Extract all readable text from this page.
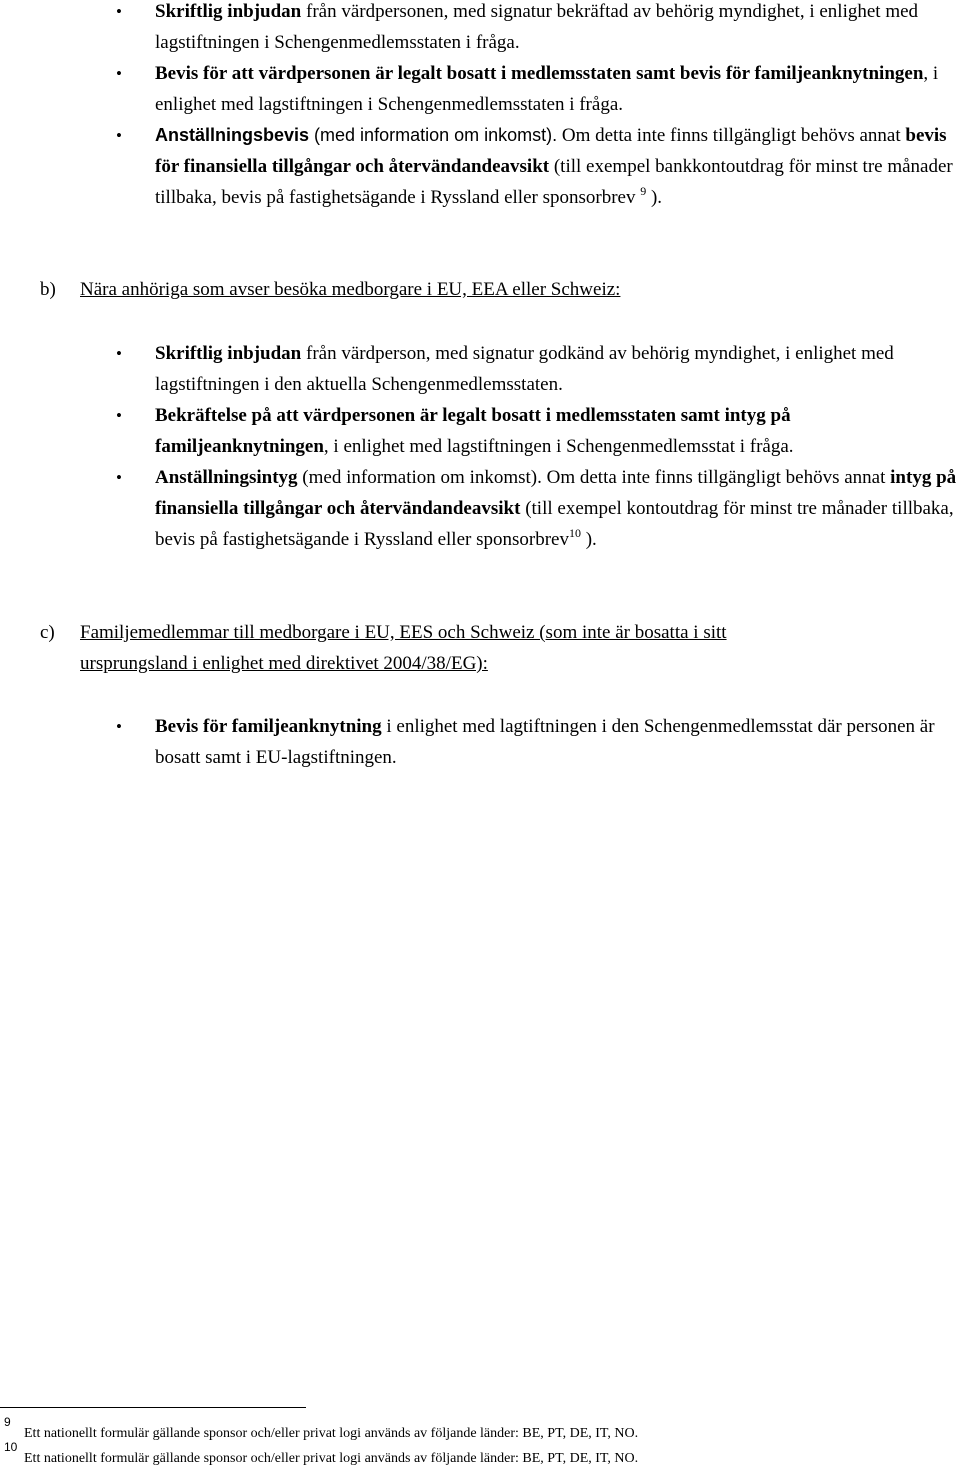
• Skriftlig inbjudan från värdpersonen, med signatur bekräftad av behörig myndighet, i enlighet med lagstiftningen i Schengenmedlemsstaten i fråga.
• Bevis för att värdpersonen är legalt bosatt i medlemsstaten samt bevis för familjeanknytningen, i enlighet med lagstiftningen i Schengenmedlemsstaten i fråga.
• Anställningsbevis (med information om inkomst). Om detta inte finns tillgängligt behövs annat bevis för finansiella tillgångar och återvändandeavsikt (till exempel bankkontoutdrag för minst tre månader tillbaka, bevis på fastighetsägande i Ryssland eller sponsorbrev $^9$ ).
b) Nära anhöriga som avser besöka medborgare i EU, EEA eller Schweiz:
• Skriftlig inbjudan från värdperson, med signatur godkänd av behörig myndighet, i enlighet med lagstiftningen i den aktuella Schengenmedlemsstaten.
• Bekräftelse på att värdpersonen är legalt bosatt i medlemsstaten samt intyg på familjeanknytningen, i enlighet med lagstiftningen i Schengenmedlemsstat i fråga.
• Anställningsintyg (med information om inkomst). Om detta inte finns tillgängligt behövs annat intyg på finansiella tillgångar och återvändandeavsikt (till exempel kontoutdrag för minst tre månader tillbaka, bevis på fastighetsägande i Ryssland eller sponsorbrev$^{10}$ ).
c) Familjemedlemmar till medborgare i EU, EES och Schweiz (som inte är bosatta i sitt
ursprungsland i enlighet med direktivet 2004/38/EG):
• Bevis för familjeanknytning i enlighet med lagtiftningen i den Schengenmedlemsstat där personen är bosatt samt i EU-lagstiftningen.
9
Ett nationellt formulär gällande sponsor och/eller privat logi används av följande länder: BE, PT, DE, IT, NO.
10
Ett nationellt formulär gällande sponsor och/eller privat logi används av följande länder: BE, PT, DE, IT, NO.
